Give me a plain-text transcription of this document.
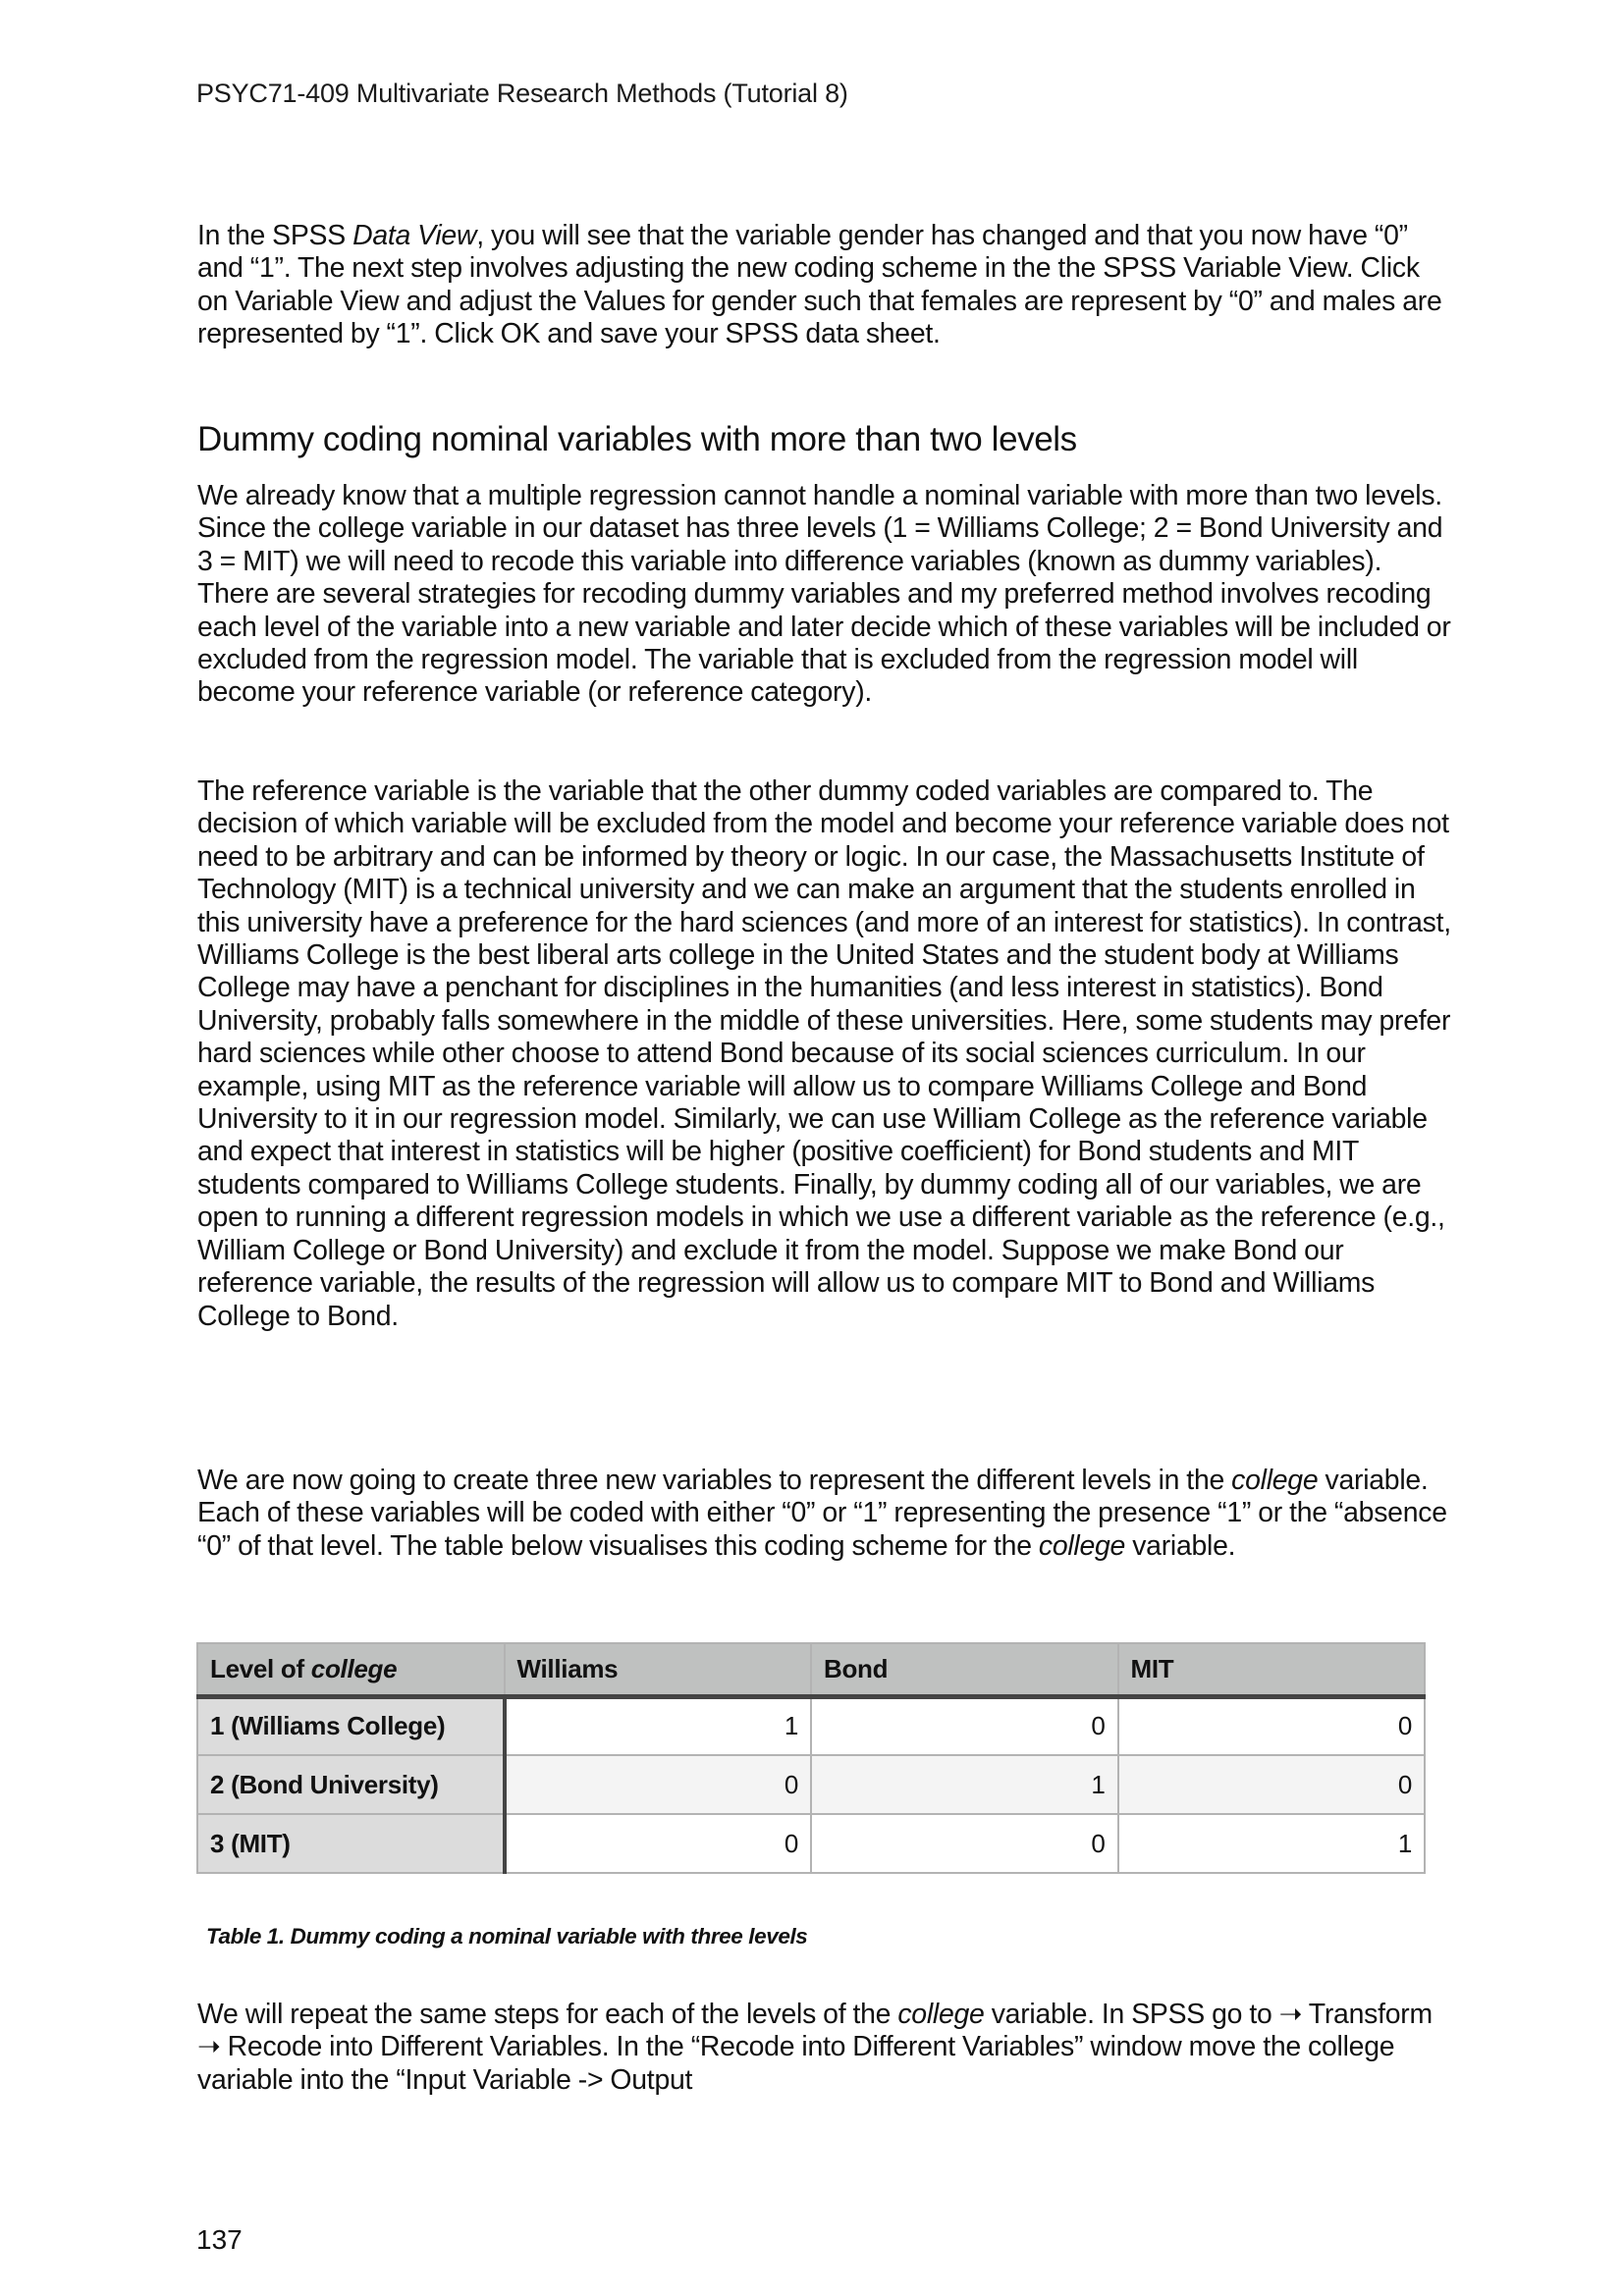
PSYC71-409 Multivariate Research Methods (Tutorial 8)

In the SPSS Data View, you will see that the variable gender has changed and that you now have “0” and “1”. The next step involves adjusting the new coding scheme in the the SPSS Variable View. Click on Variable View and adjust the Values for gender such that females are represent by “0” and males are represented by “1”. Click OK and save your SPSS data sheet.

Dummy coding nominal variables with more than two levels

We already know that a multiple regression cannot handle a nominal variable with more than two levels. Since the college variable in our dataset has three levels (1 = Williams College; 2 = Bond University and 3 = MIT) we will need to recode this variable into difference variables (known as dummy variables). There are several strategies for recoding dummy variables and my preferred method involves recoding each level of the variable into a new variable and later decide which of these variables will be included or excluded from the regression model. The variable that is excluded from the regression model will become your reference variable (or reference category).

The reference variable is the variable that the other dummy coded variables are compared to. The decision of which variable will be excluded from the model and become your reference variable does not need to be arbitrary and can be informed by theory or logic. In our case, the Massachusetts Institute of Technology (MIT) is a technical university and we can make an argument that the students enrolled in this university have a preference for the hard sciences (and more of an interest for statistics). In contrast, Williams College is the best liberal arts college in the United States and the student body at Williams College may have a penchant for disciplines in the humanities (and less interest in statistics). Bond University, probably falls somewhere in the middle of these universities. Here, some students may prefer hard sciences while other choose to attend Bond because of its social sciences curriculum. In our example, using MIT as the reference variable will allow us to compare Williams College and Bond University to it in our regression model. Similarly, we can use William College as the reference variable and expect that interest in statistics will be higher (positive coefficient) for Bond students and MIT students compared to Williams College students. Finally, by dummy coding all of our variables, we are open to running a different regression models in which we use a different variable as the reference (e.g., William College or Bond University) and exclude it from the model. Suppose we make Bond our reference variable, the results of the regression will allow us to compare MIT to Bond and Williams College to Bond.

We are now going to create three new variables to represent the different levels in the college variable. Each of these variables will be coded with either “0” or “1” representing the presence “1” or the “absence “0” of that level. The table below visualises this coding scheme for the college variable.

Level of college	Williams	Bond	MIT
1 (Williams College)	1	0	0
2 (Bond University)	0	1	0
3 (MIT)	0	0	1
Table 1. Dummy coding a nominal variable with three levels

We will repeat the same steps for each of the levels of the college variable. In SPSS go to ➝ Transform ➝ Recode into Different Variables. In the “Recode into Different Variables” window move the college variable into the “Input Variable -> Output

137
